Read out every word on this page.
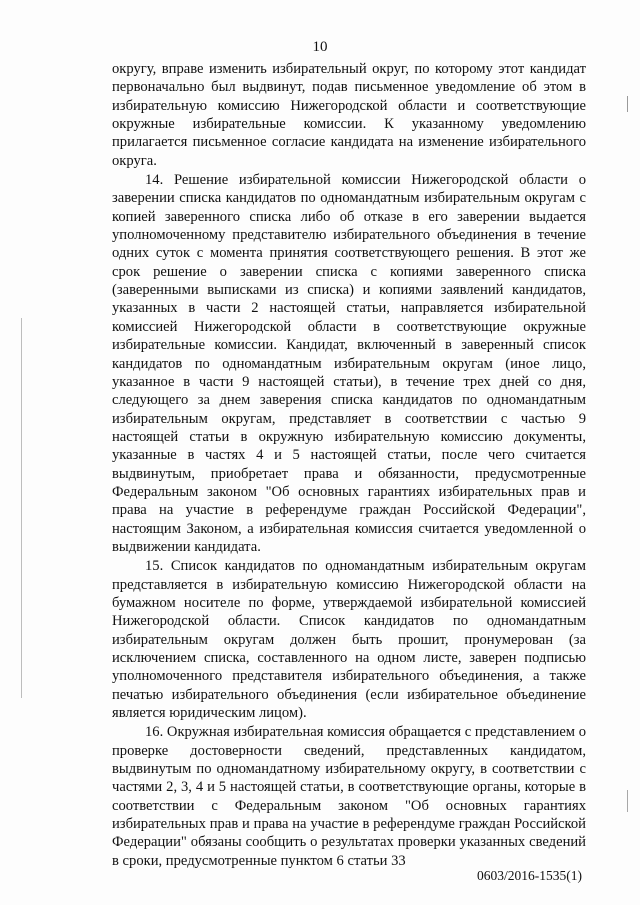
10

округу, вправе изменить избирательный округ, по которому этот кандидат первоначально был выдвинут, подав письменное уведомление об этом в избирательную комиссию Нижегородской области и соответствующие окружные избирательные комиссии. К указанному уведомлению прилагается письменное согласие кандидата на изменение избирательного округа.

14. Решение избирательной комиссии Нижегородской области о заверении списка кандидатов по одномандатным избирательным округам с копией заверенного списка либо об отказе в его заверении выдается уполномоченному представителю избирательного объединения в течение одних суток с момента принятия соответствующего решения. В этот же срок решение о заверении списка с копиями заверенного списка (заверенными выписками из списка) и копиями заявлений кандидатов, указанных в части 2 настоящей статьи, направляется избирательной комиссией Нижегородской области в соответствующие окружные избирательные комиссии. Кандидат, включенный в заверенный список кандидатов по одномандатным избирательным округам (иное лицо, указанное в части 9 настоящей статьи), в течение трех дней со дня, следующего за днем заверения списка кандидатов по одномандатным избирательным округам, представляет в соответствии с частью 9 настоящей статьи в окружную избирательную комиссию документы, указанные в частях 4 и 5 настоящей статьи, после чего считается выдвинутым, приобретает права и обязанности, предусмотренные Федеральным законом "Об основных гарантиях избирательных прав и права на участие в референдуме граждан Российской Федерации", настоящим Законом, а избирательная комиссия считается уведомленной о выдвижении кандидата.

15. Список кандидатов по одномандатным избирательным округам представляется в избирательную комиссию Нижегородской области на бумажном носителе по форме, утверждаемой избирательной комиссией Нижегородской области. Список кандидатов по одномандатным избирательным округам должен быть прошит, пронумерован (за исключением списка, составленного на одном листе, заверен подписью уполномоченного представителя избирательного объединения, а также печатью избирательного объединения (если избирательное объединение является юридическим лицом).

16. Окружная избирательная комиссия обращается с представлением о проверке достоверности сведений, представленных кандидатом, выдвинутым по одномандатному избирательному округу, в соответствии с частями 2, 3, 4 и 5 настоящей статьи, в соответствующие органы, которые в соответствии с Федеральным законом "Об основных гарантиях избирательных прав и права на участие в референдуме граждан Российской Федерации" обязаны сообщить о результатах проверки указанных сведений в сроки, предусмотренные пунктом 6 статьи 33

0603/2016-1535(1)
